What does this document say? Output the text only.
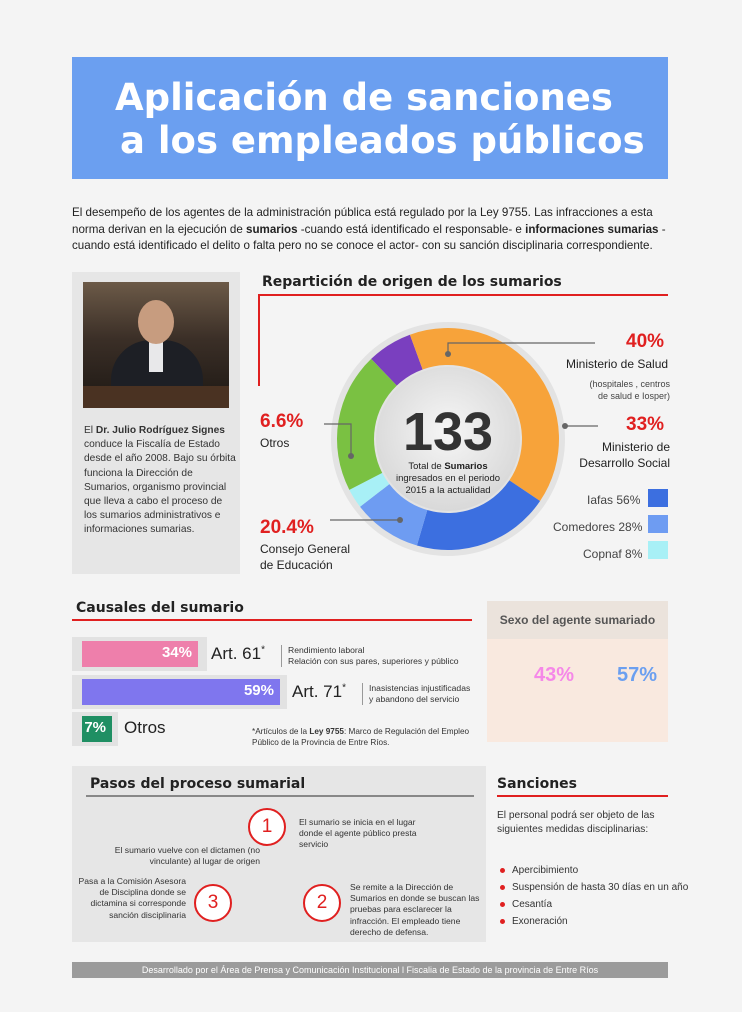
Aplicación de sanciones
a los empleados públicos

El desempeño de los agentes de la administración pública está regulado por la Ley 9755. Las infracciones a esta norma derivan en la ejecución de sumarios -cuando está identificado el responsable- e informaciones sumarias -cuando está identificado el delito o falta pero no se conoce el actor- con su sanción disciplinaria correspondiente.

El Dr. Julio Rodríguez Signes conduce la Fiscalía de Estado desde el año 2008. Bajo su órbita funciona la Dirección de Sumarios, organismo provincial que lleva a cabo el proceso de los sumarios administrativos e informaciones sumarias.

Repartición de origen de los sumarios
133
Total de Sumarios
ingresados en el periodo
2015 a la actualidad
40%
Ministerio de Salud
(hospitales , centros
de salud e Iosper)
33%
Ministerio de
Desarrollo Social
6.6%
Otros
20.4%
Consejo General
de Educación
Iafas 56%
Comedores 28%
Copnaf 8%
Causales del sumario
34% Art. 61*	Rendimiento laboral
Relación con sus pares, superiores y público
59% Art. 71*	Inasistencias injustificadas
y abandono del servicio
7% Otros	*Artículos de la Ley 9755: Marco de Regulación del Empleo Público de la Provincia de Entre Ríos.
Sexo del agente sumariado
43% 57%
Pasos del proceso sumarial
1
2
3
El sumario se inicia en el lugar donde el agente público presta servicio
Se remite a la Dirección de Sumarios en donde se buscan las pruebas para esclarecer la infracción. El empleado tiene derecho de defensa.
Pasa a la Comisión Asesora de Disciplina donde se dictamina si corresponde sanción disciplinaria
El sumario vuelve con el dictamen (no vinculante) al lugar de origen
Sanciones
El personal podrá ser objeto de las siguientes medidas disciplinarias:
Apercibimiento
Suspensión de hasta 30 días en un año
Cesantía
Exoneración
Desarrollado por el Área de Prensa y Comunicación Institucional l Fiscalia de Estado de la provincia de Entre Ríos
